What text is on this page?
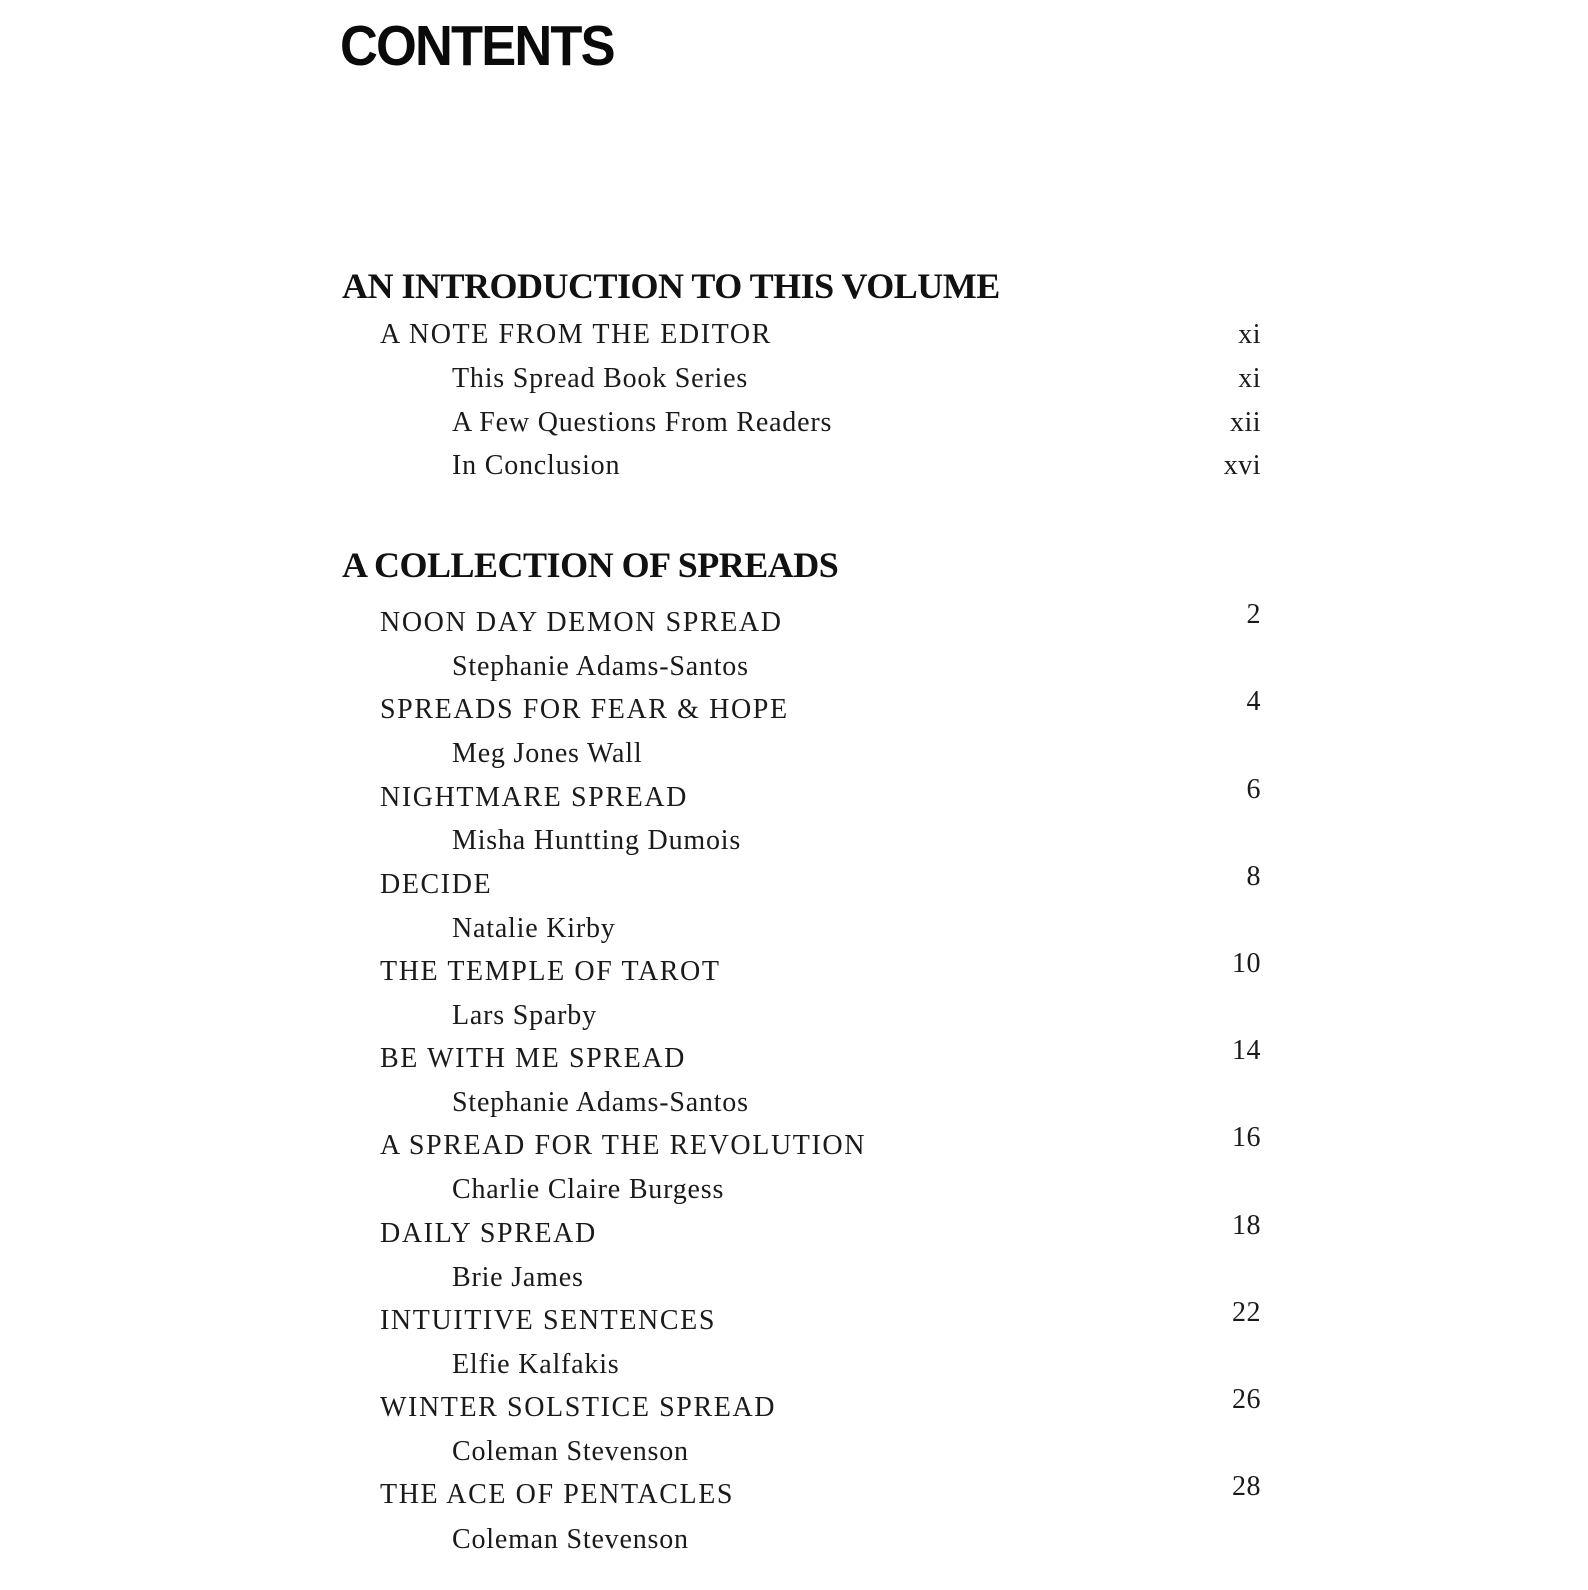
CONTENTS
AN INTRODUCTION TO THIS VOLUME
A NOTE FROM THE EDITOR	xi
This Spread Book Series	xi
A Few Questions From Readers	xii
In Conclusion	xvi
A COLLECTION OF SPREADS
NOON DAY DEMON SPREAD	2
Stephanie Adams-Santos
SPREADS FOR FEAR & HOPE	4
Meg Jones Wall
NIGHTMARE SPREAD	6
Misha Huntting Dumois
DECIDE	8
Natalie Kirby
THE TEMPLE OF TAROT	10
Lars Sparby
BE WITH ME SPREAD	14
Stephanie Adams-Santos
A SPREAD FOR THE REVOLUTION	16
Charlie Claire Burgess
DAILY SPREAD	18
Brie James
INTUITIVE SENTENCES	22
Elfie Kalfakis
WINTER SOLSTICE SPREAD	26
Coleman Stevenson
THE ACE OF PENTACLES	28
Coleman Stevenson
